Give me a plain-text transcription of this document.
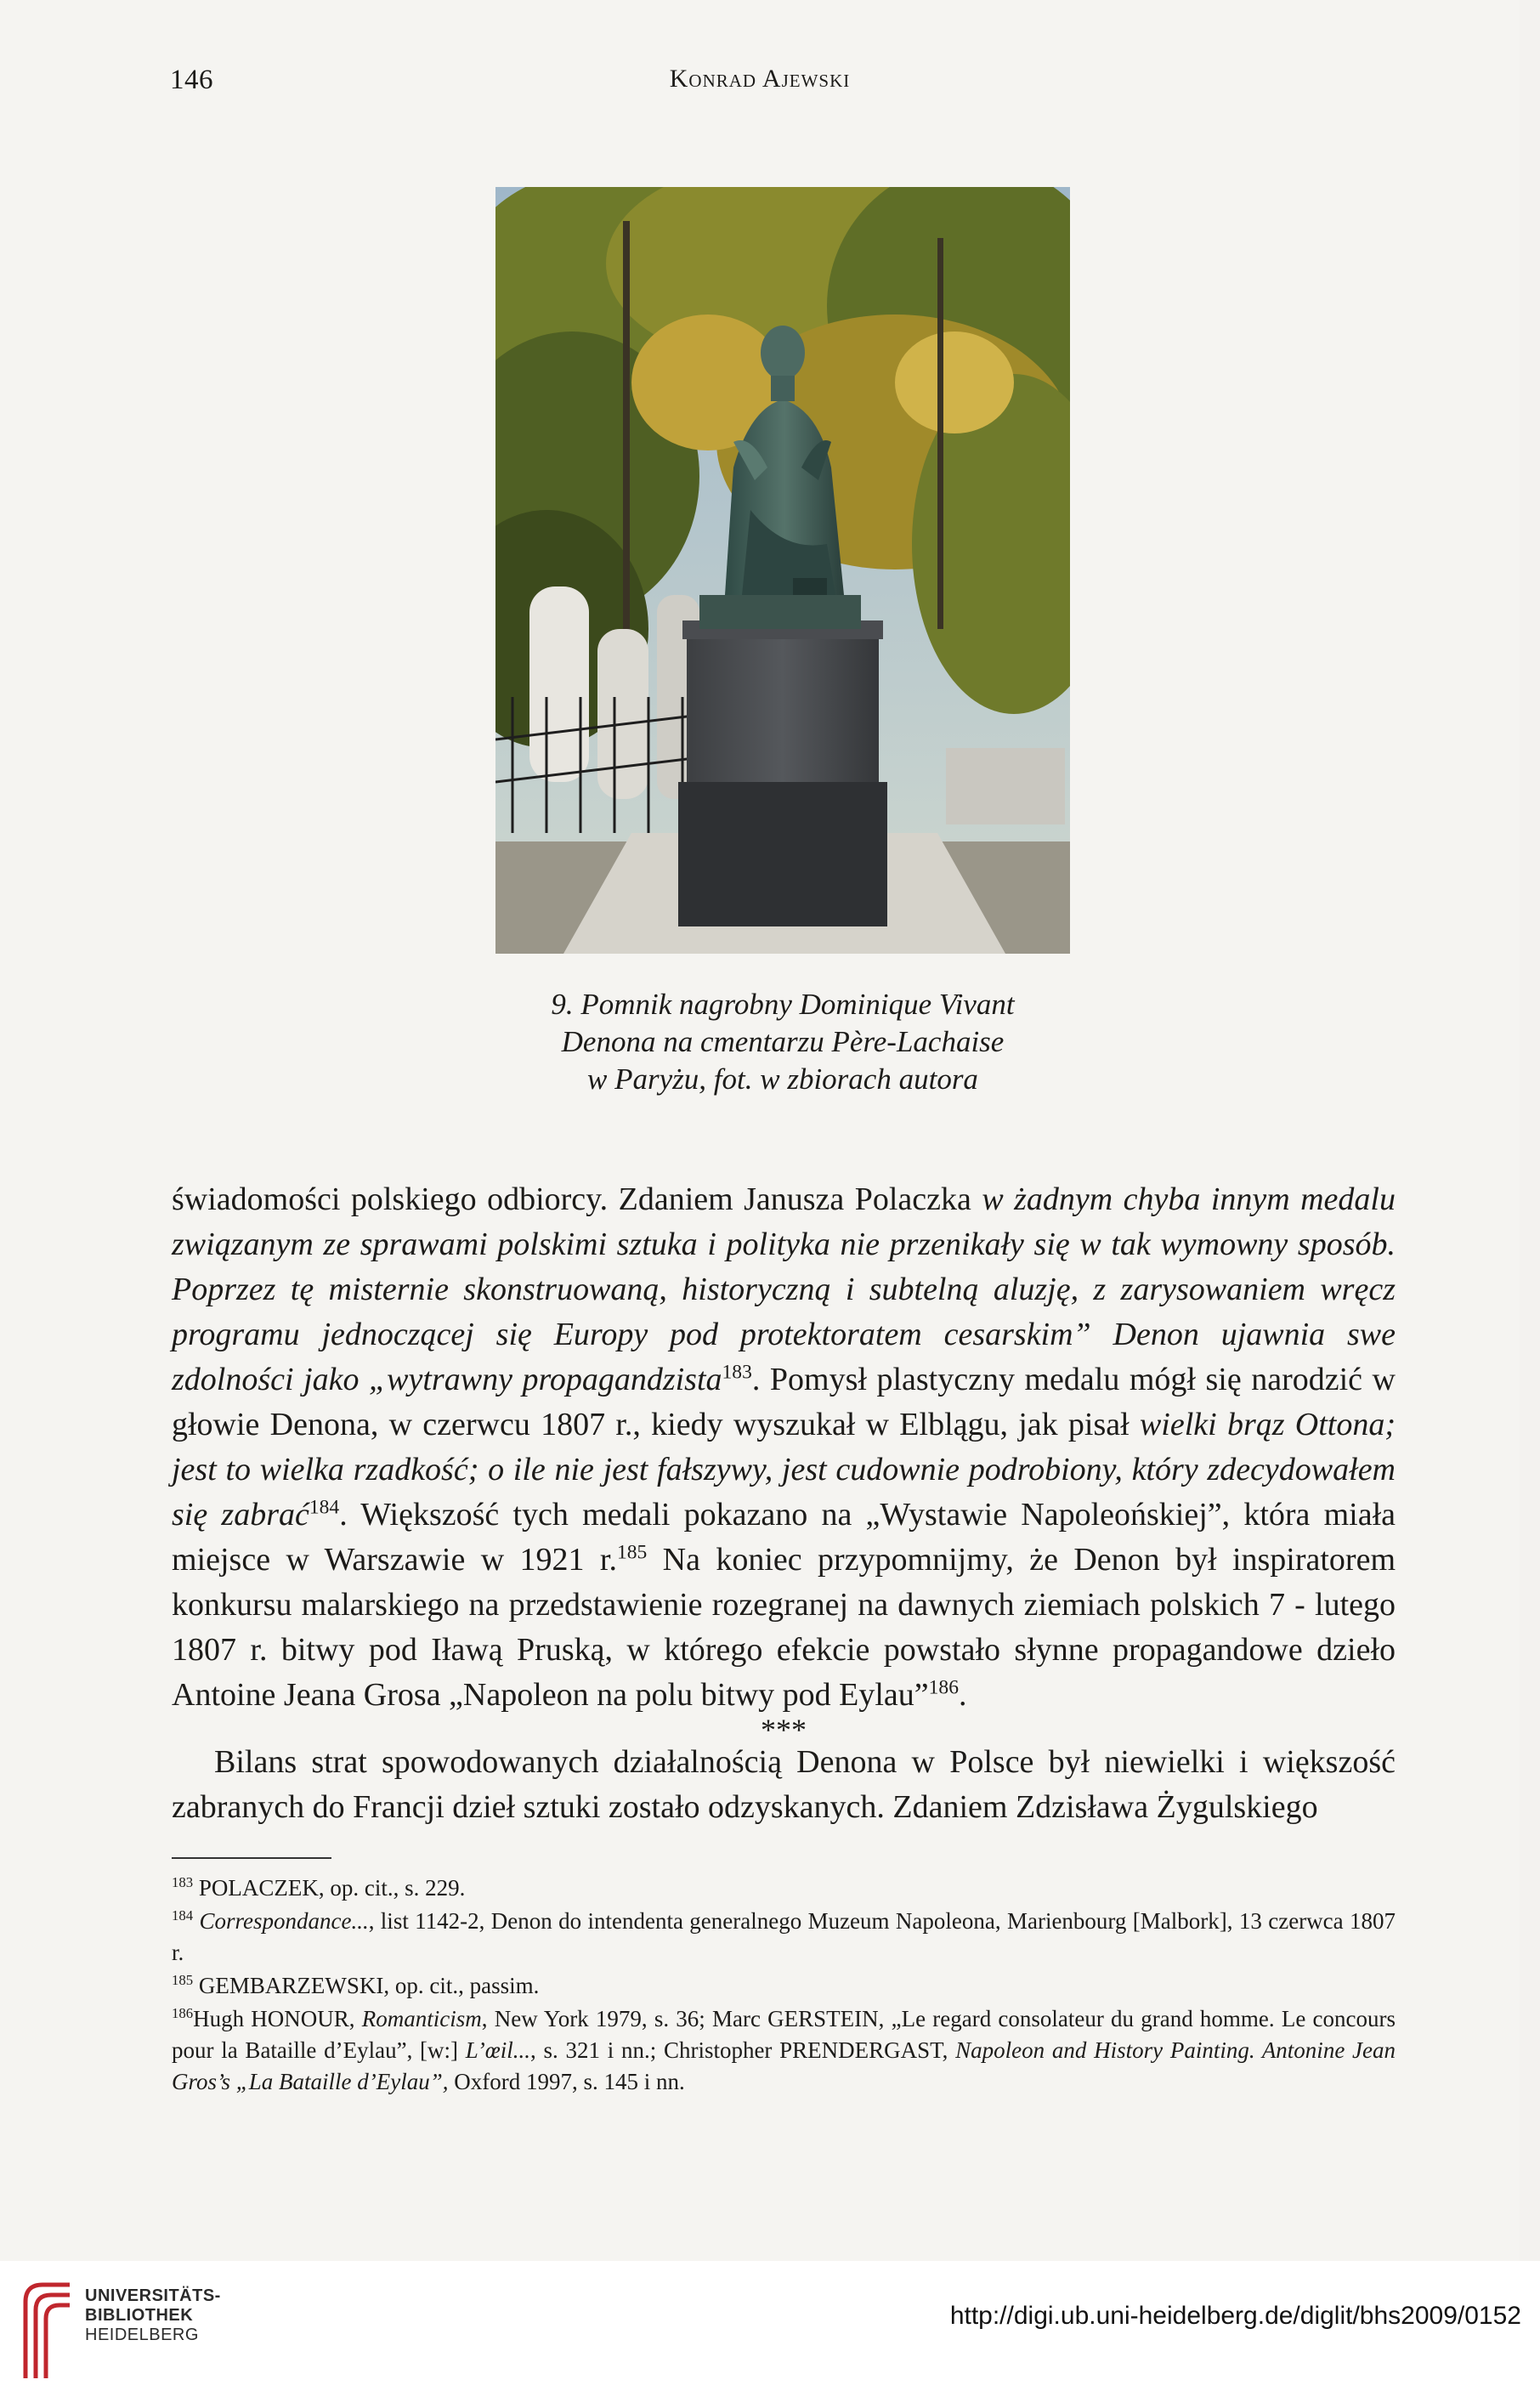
146	Konrad Ajewski
9. Pomnik nagrobny Dominique Vivant
Denona na cmentarzu Père-Lachaise
w Paryżu, fot. w zbiorach autora

świadomości polskiego odbiorcy. Zdaniem Janusza Polaczka w żadnym chyba innym medalu związanym ze sprawami polskimi sztuka i polityka nie przenikały się w tak wymowny sposób. Poprzez tę misternie skonstruowaną, historyczną i subtelną aluzję, z zarysowaniem wręcz programu jednoczącej się Europy pod protektoratem cesarskim” Denon ujawnia swe zdolności jako „wytrawny propagandzista$^{183}$. Pomysł plastyczny medalu mógł się narodzić w głowie Denona, w czerwcu 1807 r., kiedy wyszukał w Elblągu, jak pisał wielki brąz Ottona; jest to wielka rzadkość; o ile nie jest fałszywy, jest cudownie podrobiony, który zdecydowałem się zabrać$^{184}$. Większość tych medali pokazano na „Wystawie Napoleońskiej”, która miała miejsce w Warszawie w 1921 r.$^{185}$ Na koniec przypomnijmy, że Denon był inspiratorem konkursu malarskiego na przedstawienie rozegranej na dawnych ziemiach polskich 7 - lutego 1807 r. bitwy pod Iławą Pruską, w którego efekcie powstało słynne propagandowe dzieło Antoine Jeana Grosa „Napoleon na polu bitwy pod Eylau”$^{186}$.

***

Bilans strat spowodowanych działalnością Denona w Polsce był niewielki i większość zabranych do Francji dzieł sztuki zostało odzyskanych. Zdaniem Zdzisława Żygulskiego

$^{183}$ POLACZEK, op. cit., s. 229.

$^{184}$ Correspondance..., list 1142-2, Denon do intendenta generalnego Muzeum Napoleona, Marienbourg [Malbork], 13 czerwca 1807 r.

$^{185}$ GEMBARZEWSKI, op. cit., passim.

$^{186}$Hugh HONOUR, Romanticism, New York 1979, s. 36; Marc GERSTEIN, „Le regard consolateur du grand homme. Le concours pour la Bataille d’Eylau”, [w:] L’œil..., s. 321 i nn.; Christopher PRENDERGAST, Napoleon and History Painting. Antonine Jean Gros’s „La Bataille d’Eylau”, Oxford 1997, s. 145 i nn.

UNIVERSITÄTS-
BIBLIOTHEK
HEIDELBERG
http://digi.ub.uni-heidelberg.de/diglit/bhs2009/0152
